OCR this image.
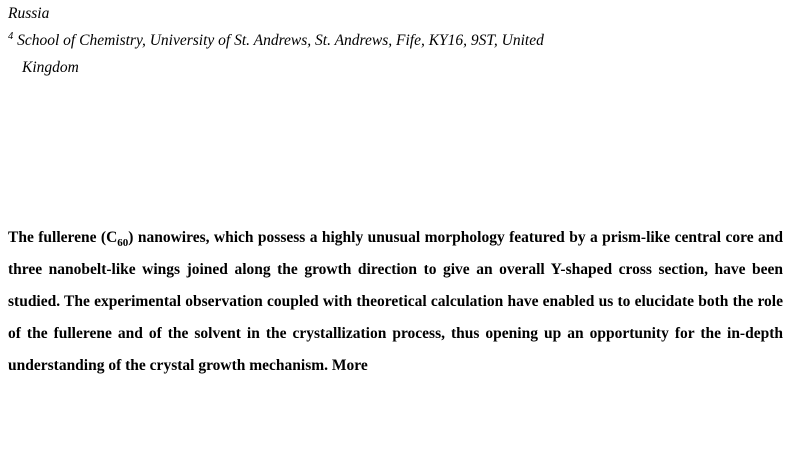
Russia
$^4$ School of Chemistry, University of St. Andrews, St. Andrews, Fife, KY16, 9ST, United
Kingdom

The fullerene $(C_{60})$ nanowires, which possess a highly unusual morphology featured by a prism-like central core and three nanobelt-like wings joined along the growth direction to give an overall Y-shaped cross section, have been studied. The experimental observation coupled with theoretical calculation have enabled us to elucidate both the role of the fullerene and of the solvent in the crystallization process, thus opening up an opportunity for the in-depth understanding of the crystal growth mechanism. More
